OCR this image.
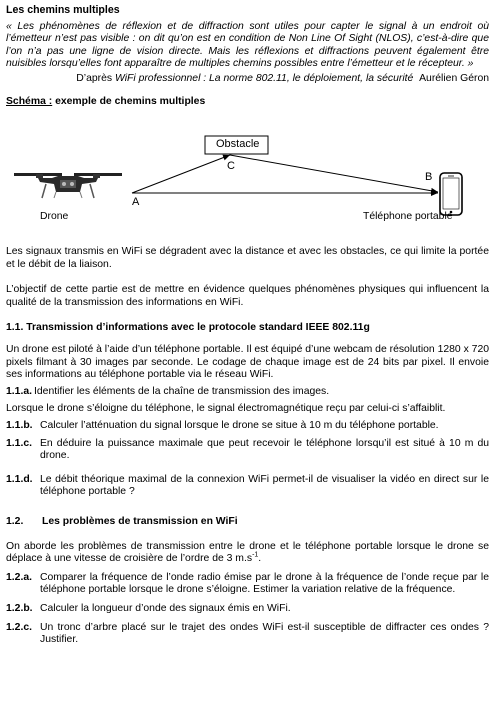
Les chemins multiples

« Les phénomènes de réflexion et de diffraction sont utiles pour capter le signal à un endroit où l’émetteur n’est pas visible : on dit qu’on est en condition de Non Line Of Sight (NLOS), c’est-à-dire que l’on n’a pas une ligne de vision directe. Mais les réflexions et diffractions peuvent également être nuisibles lorsqu’elles font apparaître de multiples chemins possibles entre l’émetteur et le récepteur. »

D’après WiFi professionnel : La norme 802.11, le déploiement, la sécurité Aurélien Géron

Schéma : exemple de chemins multiples
Obstacle
A
B
C
Drone	Téléphone portable

Les signaux transmis en WiFi se dégradent avec la distance et avec les obstacles, ce qui limite la portée et le débit de la liaison.

L’objectif de cette partie est de mettre en évidence quelques phénomènes physiques qui influencent la qualité de la transmission des informations en WiFi.

1.1. Transmission d’informations avec le protocole standard IEEE 802.11g

Un drone est piloté à l’aide d’un téléphone portable. Il est équipé d’une webcam de résolution 1280 x 720 pixels filmant à 30 images par seconde. Le codage de chaque image est de 24 bits par pixel. Il envoie ses informations au téléphone portable via le réseau WiFi.

1.1.a. Identifier les éléments de la chaîne de transmission des images.

Lorsque le drone s’éloigne du téléphone, le signal électromagnétique reçu par celui-ci s’affaiblit.

1.1.b. Calculer l’atténuation du signal lorsque le drone se situe à 10 m du téléphone portable.
1.1.c. En déduire la puissance maximale que peut recevoir le téléphone lorsqu’il est situé à 10 m du drone.
1.1.d. Le débit théorique maximal de la connexion WiFi permet-il de visualiser la vidéo en direct sur le téléphone portable ?
1.2.	Les problèmes de transmission en WiFi

On aborde les problèmes de transmission entre le drone et le téléphone portable lorsque le drone se déplace à une vitesse de croisière de l’ordre de 3 $m.s^{-1}$.

1.2.a. Comparer la fréquence de l’onde radio émise par le drone à la fréquence de l’onde reçue par le téléphone portable lorsque le drone s’éloigne. Estimer la variation relative de la fréquence.
1.2.b. Calculer la longueur d’onde des signaux émis en WiFi.
1.2.c. Un tronc d’arbre placé sur le trajet des ondes WiFi est-il susceptible de diffracter ces ondes ? Justifier.
